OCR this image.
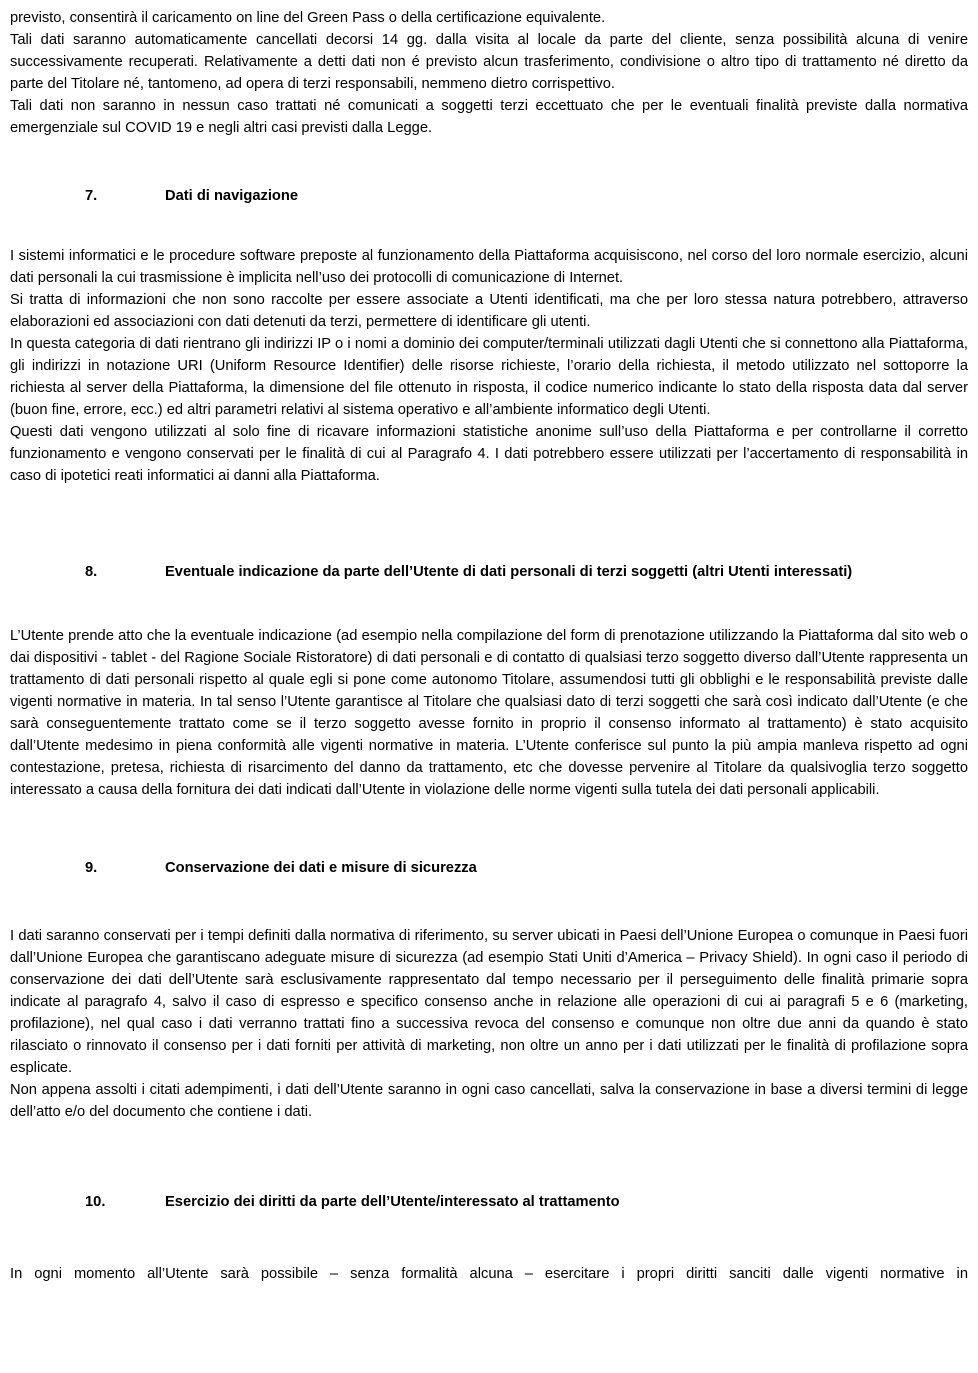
previsto, consentirà il caricamento on line del Green Pass o della certificazione equivalente.

Tali dati saranno automaticamente cancellati decorsi 14 gg. dalla visita al locale da parte del cliente, senza possibilità alcuna di venire successivamente recuperati. Relativamente a detti dati non é previsto alcun trasferimento, condivisione o altro tipo di trattamento né diretto da parte del Titolare né, tantomeno, ad opera di terzi responsabili, nemmeno dietro corrispettivo.

Tali dati non saranno in nessun caso trattati né comunicati a soggetti terzi eccettuato che per le eventuali finalità previste dalla normativa emergenziale sul COVID 19 e negli altri casi previsti dalla Legge.

7.	Dati di navigazione

I sistemi informatici e le procedure software preposte al funzionamento della Piattaforma acquisiscono, nel corso del loro normale esercizio, alcuni dati personali la cui trasmissione è implicita nell’uso dei protocolli di comunicazione di Internet.

Si tratta di informazioni che non sono raccolte per essere associate a Utenti identificati, ma che per loro stessa natura potrebbero, attraverso elaborazioni ed associazioni con dati detenuti da terzi, permettere di identificare gli utenti.

In questa categoria di dati rientrano gli indirizzi IP o i nomi a dominio dei computer/terminali utilizzati dagli Utenti che si connettono alla Piattaforma, gli indirizzi in notazione URI (Uniform Resource Identifier) delle risorse richieste, l’orario della richiesta, il metodo utilizzato nel sottoporre la richiesta al server della Piattaforma, la dimensione del file ottenuto in risposta, il codice numerico indicante lo stato della risposta data dal server (buon fine, errore, ecc.) ed altri parametri relativi al sistema operativo e all’ambiente informatico degli Utenti.

Questi dati vengono utilizzati al solo fine di ricavare informazioni statistiche anonime sull’uso della Piattaforma e per controllarne il corretto funzionamento e vengono conservati per le finalità di cui al Paragrafo 4. I dati potrebbero essere utilizzati per l’accertamento di responsabilità in caso di ipotetici reati informatici ai danni alla Piattaforma.

8.	Eventuale indicazione da parte dell’Utente di dati personali di terzi soggetti (altri Utenti interessati)

L’Utente prende atto che la eventuale indicazione (ad esempio nella compilazione del form di prenotazione utilizzando la Piattaforma dal sito web o dai dispositivi - tablet - del Ragione Sociale Ristoratore) di dati personali e di contatto di qualsiasi terzo soggetto diverso dall’Utente rappresenta un trattamento di dati personali rispetto al quale egli si pone come autonomo Titolare, assumendosi tutti gli obblighi e le responsabilità previste dalle vigenti normative in materia. In tal senso l’Utente garantisce al Titolare che qualsiasi dato di terzi soggetti che sarà così indicato dall’Utente (e che sarà conseguentemente trattato come se il terzo soggetto avesse fornito in proprio il consenso informato al trattamento) è stato acquisito dall’Utente medesimo in piena conformità alle vigenti normative in materia. L’Utente conferisce sul punto la più ampia manleva rispetto ad ogni contestazione, pretesa, richiesta di risarcimento del danno da trattamento, etc che dovesse pervenire al Titolare da qualsivoglia terzo soggetto interessato a causa della fornitura dei dati indicati dall’Utente in violazione delle norme vigenti sulla tutela dei dati personali applicabili.

9.	Conservazione dei dati e misure di sicurezza

I dati saranno conservati per i tempi definiti dalla normativa di riferimento, su server ubicati in Paesi dell’Unione Europea o comunque in Paesi fuori dall’Unione Europea che garantiscano adeguate misure di sicurezza (ad esempio Stati Uniti d’America – Privacy Shield). In ogni caso il periodo di conservazione dei dati dell’Utente sarà esclusivamente rappresentato dal tempo necessario per il perseguimento delle finalità primarie sopra indicate al paragrafo 4, salvo il caso di espresso e specifico consenso anche in relazione alle operazioni di cui ai paragrafi 5 e 6 (marketing, profilazione), nel qual caso i dati verranno trattati fino a successiva revoca del consenso e comunque non oltre due anni da quando è stato rilasciato o rinnovato il consenso per i dati forniti per attività di marketing, non oltre un anno per i dati utilizzati per le finalità di profilazione sopra esplicate.

Non appena assolti i citati adempimenti, i dati dell’Utente saranno in ogni caso cancellati, salva la conservazione in base a diversi termini di legge dell’atto e/o del documento che contiene i dati.

10.	Esercizio dei diritti da parte dell’Utente/interessato al trattamento

In ogni momento all’Utente sarà possibile – senza formalità alcuna – esercitare i propri diritti sanciti dalle vigenti normative in
